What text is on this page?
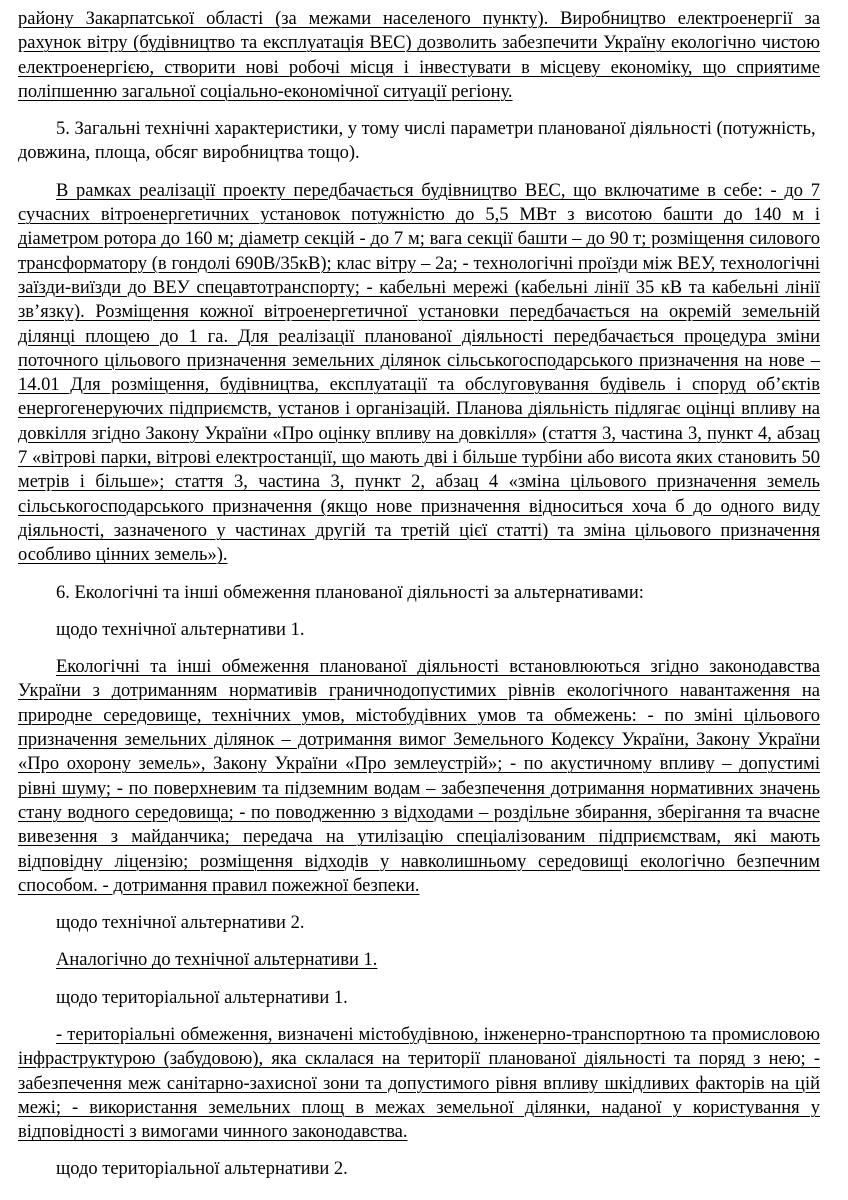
району Закарпатської області (за межами населеного пункту). Виробництво електроенергії за рахунок вітру (будівництво та експлуатація ВЕС) дозволить забезпечити Україну екологічно чистою електроенергією, створити нові робочі місця і інвестувати в місцеву економіку, що сприятиме поліпшенню загальної соціально-економічної ситуації регіону.

5. Загальні технічні характеристики, у тому числі параметри планованої діяльності (потужність, довжина, площа, обсяг виробництва тощо).

В рамках реалізації проекту передбачається будівництво ВЕС, що включатиме в себе: - до 7 сучасних вітроенергетичних установок потужністю до 5,5 МВт з висотою башти до 140 м і діаметром ротора до 160 м; діаметр секцій - до 7 м; вага секції башти – до 90 т; розміщення силового трансформатору (в гондолі 690В/35кВ); клас вітру – 2а; - технологічні проїзди між ВЕУ, технологічні заїзди-виїзди до ВЕУ спецавтотранспорту; - кабельні мережі (кабельні лінії 35 кВ та кабельні лінії зв’язку). Розміщення кожної вітроенергетичної установки передбачається на окремій земельній ділянці площею до 1 га. Для реалізації планованої діяльності передбачається процедура зміни поточного цільового призначення земельних ділянок сільськогосподарського призначення на нове – 14.01 Для розміщення, будівництва, експлуатації та обслуговування будівель і споруд об’єктів енергогенеруючих підприємств, установ і організацій. Планова діяльність підлягає оцінці впливу на довкілля згідно Закону України «Про оцінку впливу на довкілля» (стаття 3, частина 3, пункт 4, абзац 7 «вітрові парки, вітрові електростанції, що мають дві і більше турбіни або висота яких становить 50 метрів і більше»; стаття 3, частина 3, пункт 2, абзац 4 «зміна цільового призначення земель сільськогосподарського призначення (якщо нове призначення відноситься хоча б до одного виду діяльності, зазначеного у частинах другій та третій цієї статті) та зміна цільового призначення особливо цінних земель»).

6. Екологічні та інші обмеження планованої діяльності за альтернативами:

щодо технічної альтернативи 1.

Екологічні та інші обмеження планованої діяльності встановлюються згідно законодавства України з дотриманням нормативів граничнодопустимих рівнів екологічного навантаження на природне середовище, технічних умов, містобудівних умов та обмежень: - по зміні цільового призначення земельних ділянок – дотримання вимог Земельного Кодексу України, Закону України «Про охорону земель», Закону України «Про землеустрій»; - по акустичному впливу – допустимі рівні шуму; - по поверхневим та підземним водам – забезпечення дотримання нормативних значень стану водного середовища; - по поводженню з відходами – роздільне збирання, зберігання та вчасне вивезення з майданчика; передача на утилізацію спеціалізованим підприємствам, які мають відповідну ліцензію; розміщення відходів у навколишньому середовищі екологічно безпечним способом. - дотримання правил пожежної безпеки.

щодо технічної альтернативи 2.

Аналогічно до технічної альтернативи 1.

щодо територіальної альтернативи 1.

- територіальні обмеження, визначені містобудівною, інженерно-транспортною та промисловою інфраструктурою (забудовою), яка склалася на території планованої діяльності та поряд з нею; - забезпечення меж санітарно-захисної зони та допустимого рівня впливу шкідливих факторів на цій межі; - використання земельних площ в межах земельної ділянки, наданої у користування у відповідності з вимогами чинного законодавства.

щодо територіальної альтернативи 2.
